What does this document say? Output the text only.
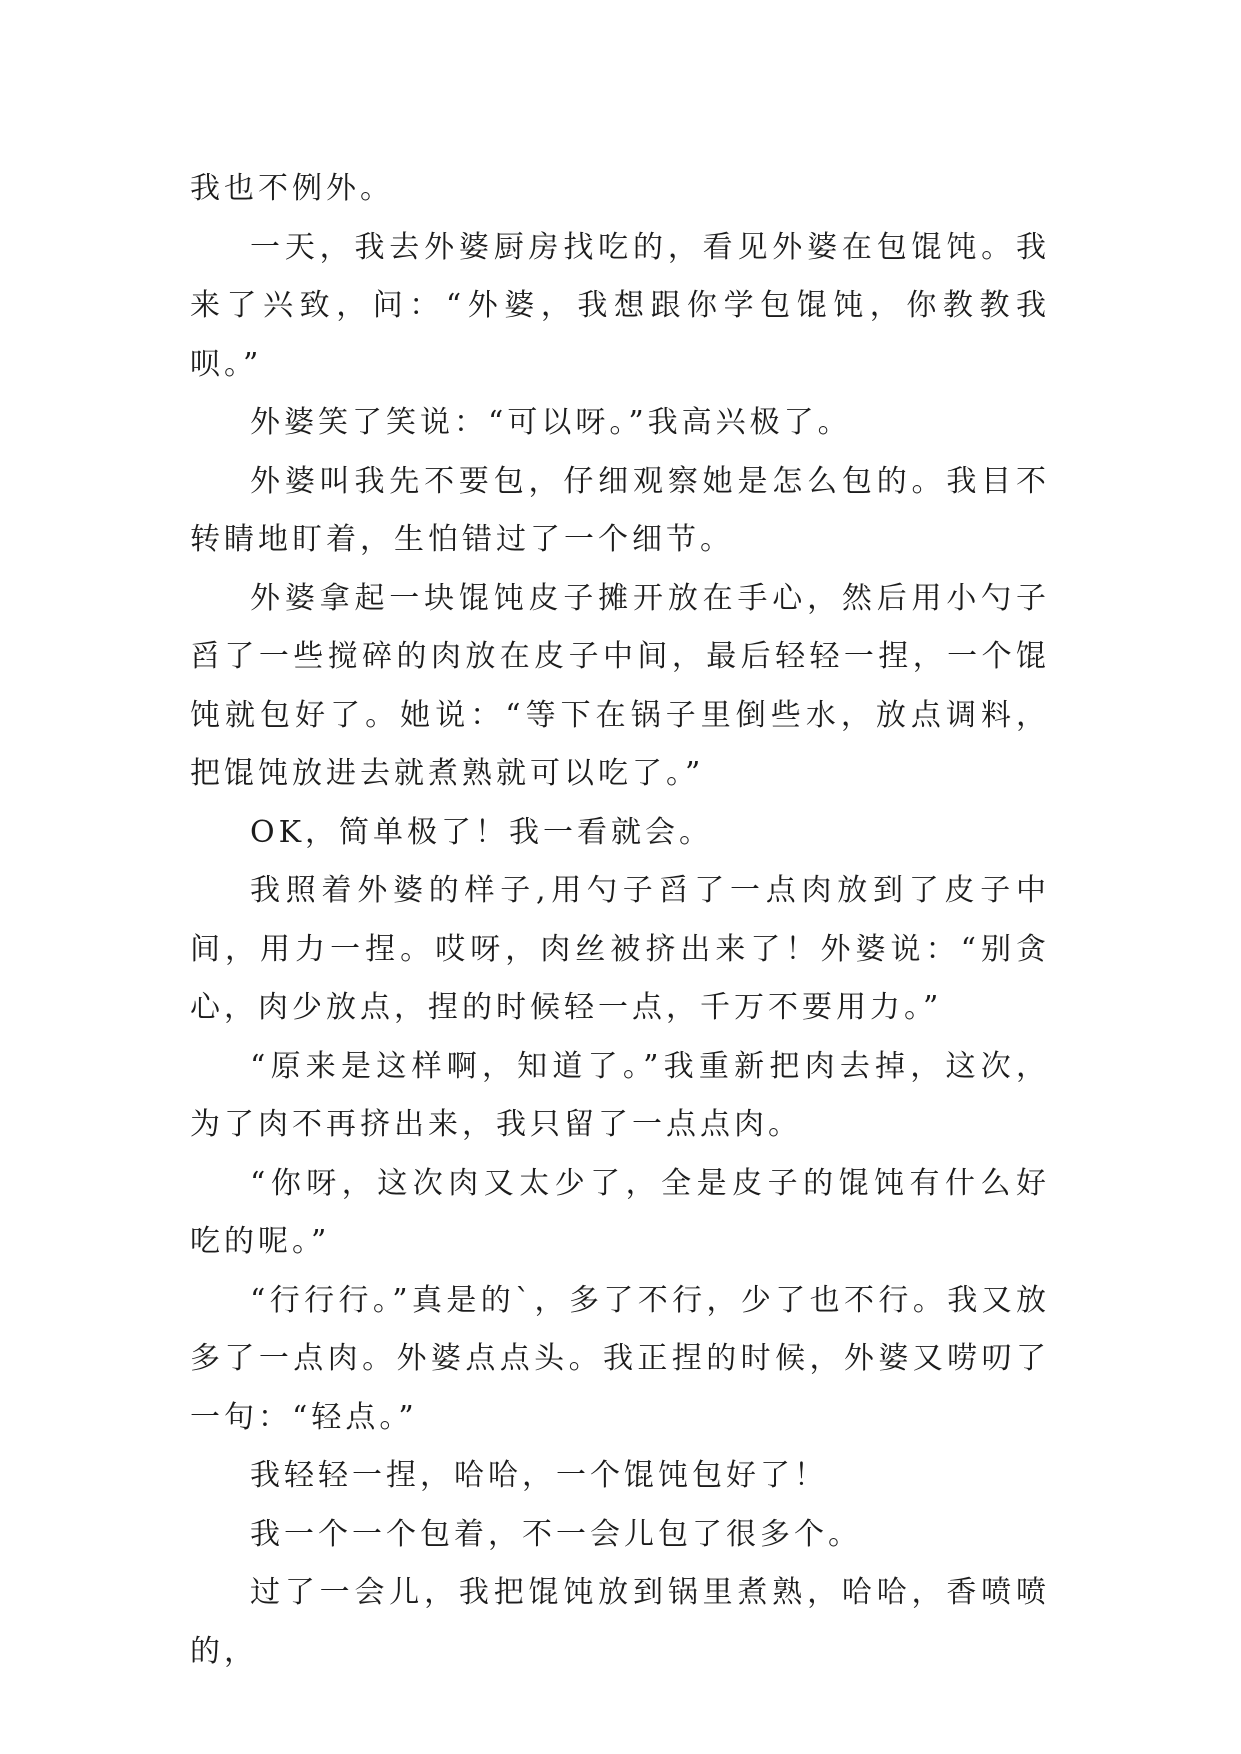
我也不例外。

一天，我去外婆厨房找吃的，看见外婆在包馄饨。我来了兴致，问：“外婆，我想跟你学包馄饨，你教教我呗。”

外婆笑了笑说：“可以呀。”我高兴极了。

外婆叫我先不要包，仔细观察她是怎么包的。我目不转睛地盯着，生怕错过了一个细节。

外婆拿起一块馄饨皮子摊开放在手心，然后用小勺子舀了一些搅碎的肉放在皮子中间，最后轻轻一捏，一个馄饨就包好了。她说：“等下在锅子里倒些水，放点调料，把馄饨放进去就煮熟就可以吃了。”

OK，简单极了！我一看就会。

我照着外婆的样子,用勺子舀了一点肉放到了皮子中间，用力一捏。哎呀，肉丝被挤出来了！外婆说：“别贪心，肉少放点，捏的时候轻一点，千万不要用力。”

“原来是这样啊，知道了。”我重新把肉去掉，这次，为了肉不再挤出来，我只留了一点点肉。

“你呀，这次肉又太少了，全是皮子的馄饨有什么好吃的呢。”

“行行行。”真是的`，多了不行，少了也不行。我又放多了一点肉。外婆点点头。我正捏的时候，外婆又唠叨了一句：“轻点。”

我轻轻一捏，哈哈，一个馄饨包好了！

我一个一个包着，不一会儿包了很多个。

过了一会儿，我把馄饨放到锅里煮熟，哈哈，香喷喷的，
